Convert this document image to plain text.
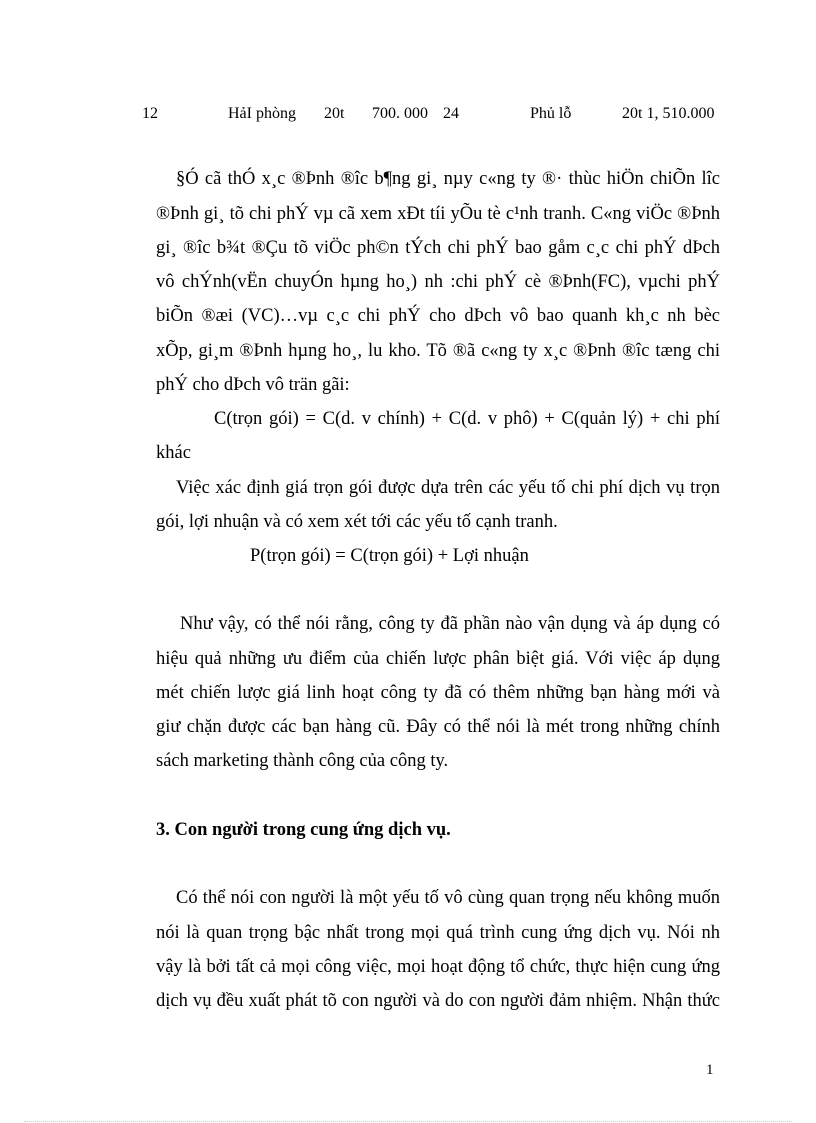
12	HảI phòng 20t 700. 000 24	Phủ lỗ	20t 1, 510.000
§Ó cã thÓ x¸c ®Þnh ®îc b¶ng gi¸ nµy c«ng ty ®· thùc hiÖn chiÕn lîc
®Þnh gi¸ tõ chi phÝ vµ cã xem xÐt tíi yÕu tè c¹nh tranh. C«ng viÖc ®Þnh
gi¸ ®îc b¾t ®Çu tõ viÖc ph©n tÝch chi phÝ bao gåm c¸c chi phÝ dÞch
vô chÝnh(vËn chuyÓn hµng ho¸) nh :chi phÝ cè ®Þnh(FC), vµchi phÝ
biÕn ®æi (VC)…vµ c¸c chi phÝ cho dÞch vô bao quanh kh¸c nh bèc
xÕp, gi¸m ®Þnh hµng ho¸, lu kho. Tõ ®ã c«ng ty x¸c ®Þnh ®îc tæng chi
phÝ cho dÞch vô trän gãi:
C(trọn gói) = C(d. v chính) + C(d. v phô) + C(quản lý) + chi phí
khác
Việc xác định giá trọn gói được dựa trên các yếu tố chi phí dịch vụ trọn
gói, lợi nhuận và có xem xét tới các yếu tố cạnh tranh.
P(trọn gói) = C(trọn gói) + Lợi nhuận
Như vậy, có thể nói rằng, công ty đã phần nào vận dụng và áp dụng có
hiệu quả những ưu điểm của chiến lược phân biệt giá. Với việc áp dụng
mét chiến lược giá linh hoạt công ty đã có thêm những bạn hàng mới và
giư chặn được các bạn hàng cũ. Đây có thể nói là mét trong những chính
sách marketing thành công của công ty.
3. Con người trong cung ứng dịch vụ.
Có thể nói con người là một yếu tố vô cùng quan trọng nếu không muốn
nói là quan trọng bậc nhất trong mọi quá trình cung ứng dịch vụ. Nói nh
vậy là bởi tất cả mọi công việc, mọi hoạt động tổ chức, thực hiện cung ứng
dịch vụ đều xuất phát tõ con người và do con người đảm nhiệm. Nhận thức
1
